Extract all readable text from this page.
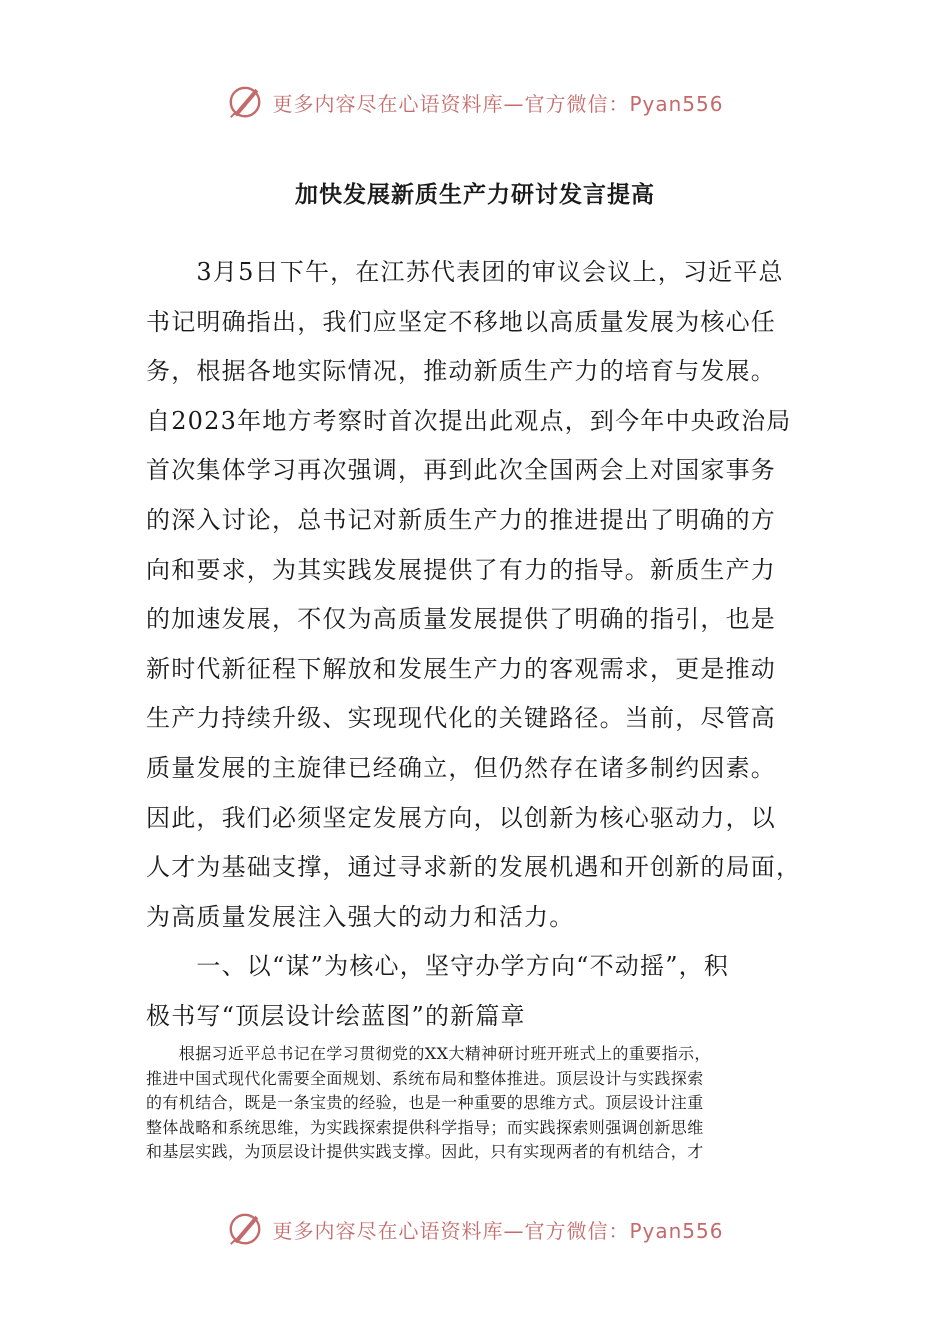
更多内容尽在心语资料库—官方微信：Pyan556
加快发展新质生产力研讨发言提高
　　3月5日下午，在江苏代表团的审议会议上，习近平总
书记明确指出，我们应坚定不移地以高质量发展为核心任
务，根据各地实际情况，推动新质生产力的培育与发展。
自2023年地方考察时首次提出此观点，到今年中央政治局
首次集体学习再次强调，再到此次全国两会上对国家事务
的深入讨论，总书记对新质生产力的推进提出了明确的方
向和要求，为其实践发展提供了有力的指导。新质生产力
的加速发展，不仅为高质量发展提供了明确的指引，也是
新时代新征程下解放和发展生产力的客观需求，更是推动
生产力持续升级、实现现代化的关键路径。当前，尽管高
质量发展的主旋律已经确立，但仍然存在诸多制约因素。
因此，我们必须坚定发展方向，以创新为核心驱动力，以
人才为基础支撑，通过寻求新的发展机遇和开创新的局面，
为高质量发展注入强大的动力和活力。
　　一、以“谋”为核心，坚守办学方向“不动摇”，积
极书写“顶层设计绘蓝图”的新篇章
　　根据习近平总书记在学习贯彻党的XX大精神研讨班开班式上的重要指示，
推进中国式现代化需要全面规划、系统布局和整体推进。顶层设计与实践探索
的有机结合，既是一条宝贵的经验，也是一种重要的思维方式。顶层设计注重
整体战略和系统思维，为实践探索提供科学指导；而实践探索则强调创新思维
和基层实践，为顶层设计提供实践支撑。因此，只有实现两者的有机结合，才
更多内容尽在心语资料库—官方微信：Pyan556
